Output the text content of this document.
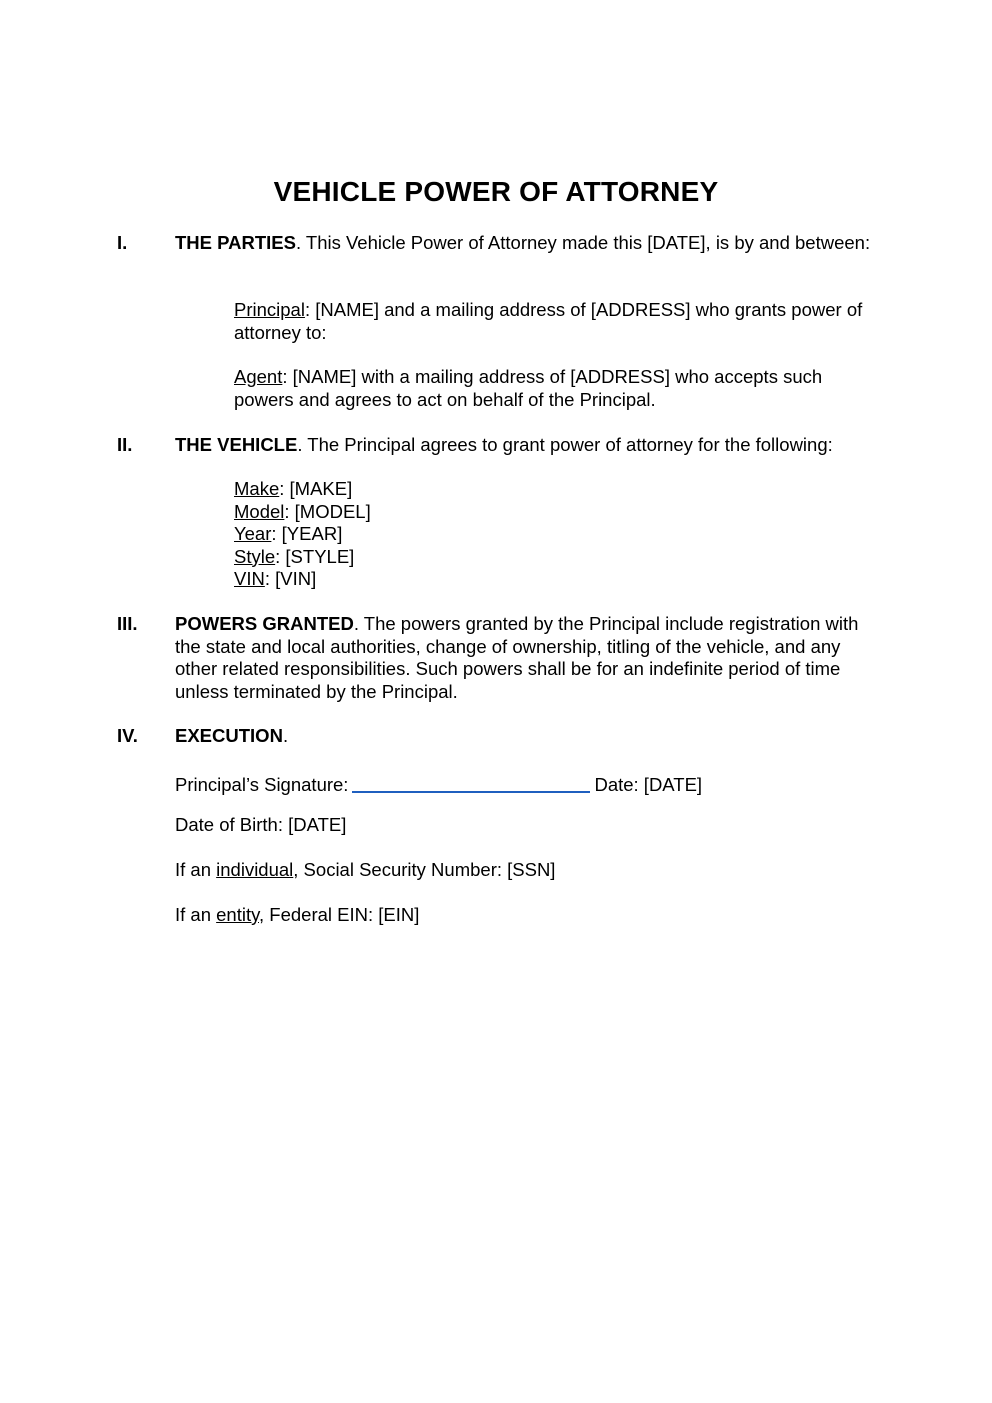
VEHICLE POWER OF ATTORNEY
I.	THE PARTIES. This Vehicle Power of Attorney made this [DATE], is by and between:
Principal: [NAME] and a mailing address of [ADDRESS] who grants power of attorney to:
Agent: [NAME] with a mailing address of [ADDRESS] who accepts such powers and agrees to act on behalf of the Principal.
II. THE VEHICLE. The Principal agrees to grant power of attorney for the following:
Make: [MAKE]
Model: [MODEL]
Year: [YEAR]
Style: [STYLE]
VIN: [VIN]
III. POWERS GRANTED. The powers granted by the Principal include registration with the state and local authorities, change of ownership, titling of the vehicle, and any other related responsibilities. Such powers shall be for an indefinite period of time unless terminated by the Principal.
IV. EXECUTION.
Principal’s Signature:	Date: [DATE]
Date of Birth: [DATE]
If an individual, Social Security Number: [SSN]
If an entity, Federal EIN: [EIN]
